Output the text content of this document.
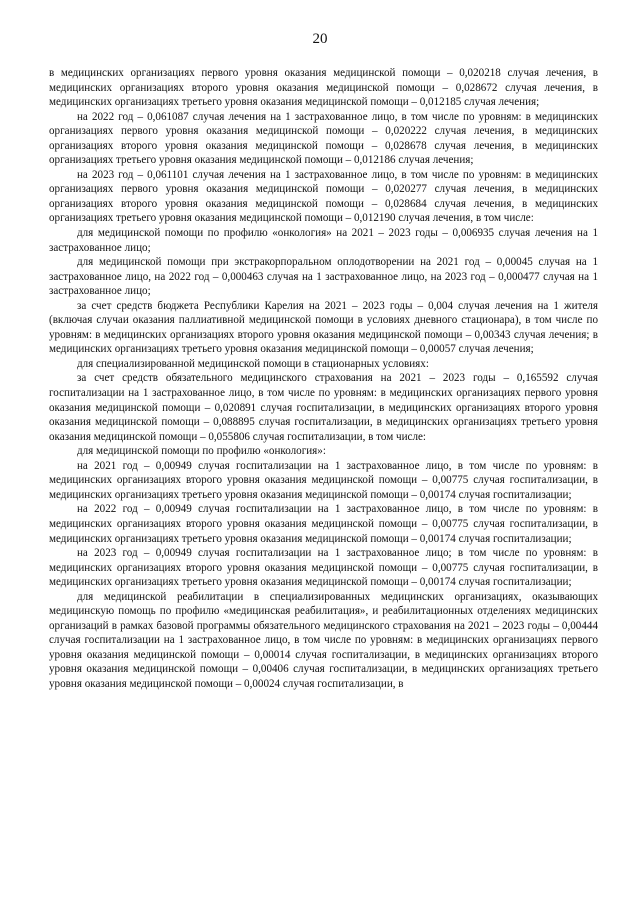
20

в медицинских организациях первого уровня оказания медицинской помощи – 0,020218 случая лечения, в медицинских организациях второго уровня оказания медицинской помощи – 0,028672 случая лечения, в медицинских организациях третьего уровня оказания медицинской помощи – 0,012185 случая лечения;

на 2022 год – 0,061087 случая лечения на 1 застрахованное лицо, в том числе по уровням: в медицинских организациях первого уровня оказания медицинской помощи – 0,020222 случая лечения, в медицинских организациях второго уровня оказания медицинской помощи – 0,028678 случая лечения, в медицинских организациях третьего уровня оказания медицинской помощи – 0,012186 случая лечения;

на 2023 год – 0,061101 случая лечения на 1 застрахованное лицо, в том числе по уровням: в медицинских организациях первого уровня оказания медицинской помощи – 0,020277 случая лечения, в медицинских организациях второго уровня оказания медицинской помощи – 0,028684 случая лечения, в медицинских организациях третьего уровня оказания медицинской помощи – 0,012190 случая лечения, в том числе:

для медицинской помощи по профилю «онкология» на 2021 – 2023 годы – 0,006935 случая лечения на 1 застрахованное лицо;

для медицинской помощи при экстракорпоральном оплодотворении на 2021 год – 0,00045 случая на 1 застрахованное лицо, на 2022 год – 0,000463 случая на 1 застрахованное лицо, на 2023 год – 0,000477 случая на 1 застрахованное лицо;

за счет средств бюджета Республики Карелия на 2021 – 2023 годы – 0,004 случая лечения на 1 жителя (включая случаи оказания паллиативной медицинской помощи в условиях дневного стационара), в том числе по уровням: в медицинских организациях второго уровня оказания медицинской помощи – 0,00343 случая лечения; в медицинских организациях третьего уровня оказания медицинской помощи – 0,00057 случая лечения;

для специализированной медицинской помощи в стационарных условиях:

за счет средств обязательного медицинского страхования на 2021 – 2023 годы – 0,165592 случая госпитализации на 1 застрахованное лицо, в том числе по уровням: в медицинских организациях первого уровня оказания медицинской помощи – 0,020891 случая госпитализации, в медицинских организациях второго уровня оказания медицинской помощи – 0,088895 случая госпитализации, в медицинских организациях третьего уровня оказания медицинской помощи – 0,055806 случая госпитализации, в том числе:

для медицинской помощи по профилю «онкология»:

на 2021 год – 0,00949 случая госпитализации на 1 застрахованное лицо, в том числе по уровням: в медицинских организациях второго уровня оказания медицинской помощи – 0,00775 случая госпитализации, в медицинских организациях третьего уровня оказания медицинской помощи – 0,00174 случая госпитализации;

на 2022 год – 0,00949 случая госпитализации на 1 застрахованное лицо, в том числе по уровням: в медицинских организациях второго уровня оказания медицинской помощи – 0,00775 случая госпитализации, в медицинских организациях третьего уровня оказания медицинской помощи – 0,00174 случая госпитализации;

на 2023 год – 0,00949 случая госпитализации на 1 застрахованное лицо; в том числе по уровням: в медицинских организациях второго уровня оказания медицинской помощи – 0,00775 случая госпитализации, в медицинских организациях третьего уровня оказания медицинской помощи – 0,00174 случая госпитализации;

для медицинской реабилитации в специализированных медицинских организациях, оказывающих медицинскую помощь по профилю «медицинская реабилитация», и реабилитационных отделениях медицинских организаций в рамках базовой программы обязательного медицинского страхования на 2021 – 2023 годы – 0,00444 случая госпитализации на 1 застрахованное лицо, в том числе по уровням: в медицинских организациях первого уровня оказания медицинской помощи – 0,00014 случая госпитализации, в медицинских организациях второго уровня оказания медицинской помощи – 0,00406 случая госпитализации, в медицинских организациях третьего уровня оказания медицинской помощи – 0,00024 случая госпитализации, в
